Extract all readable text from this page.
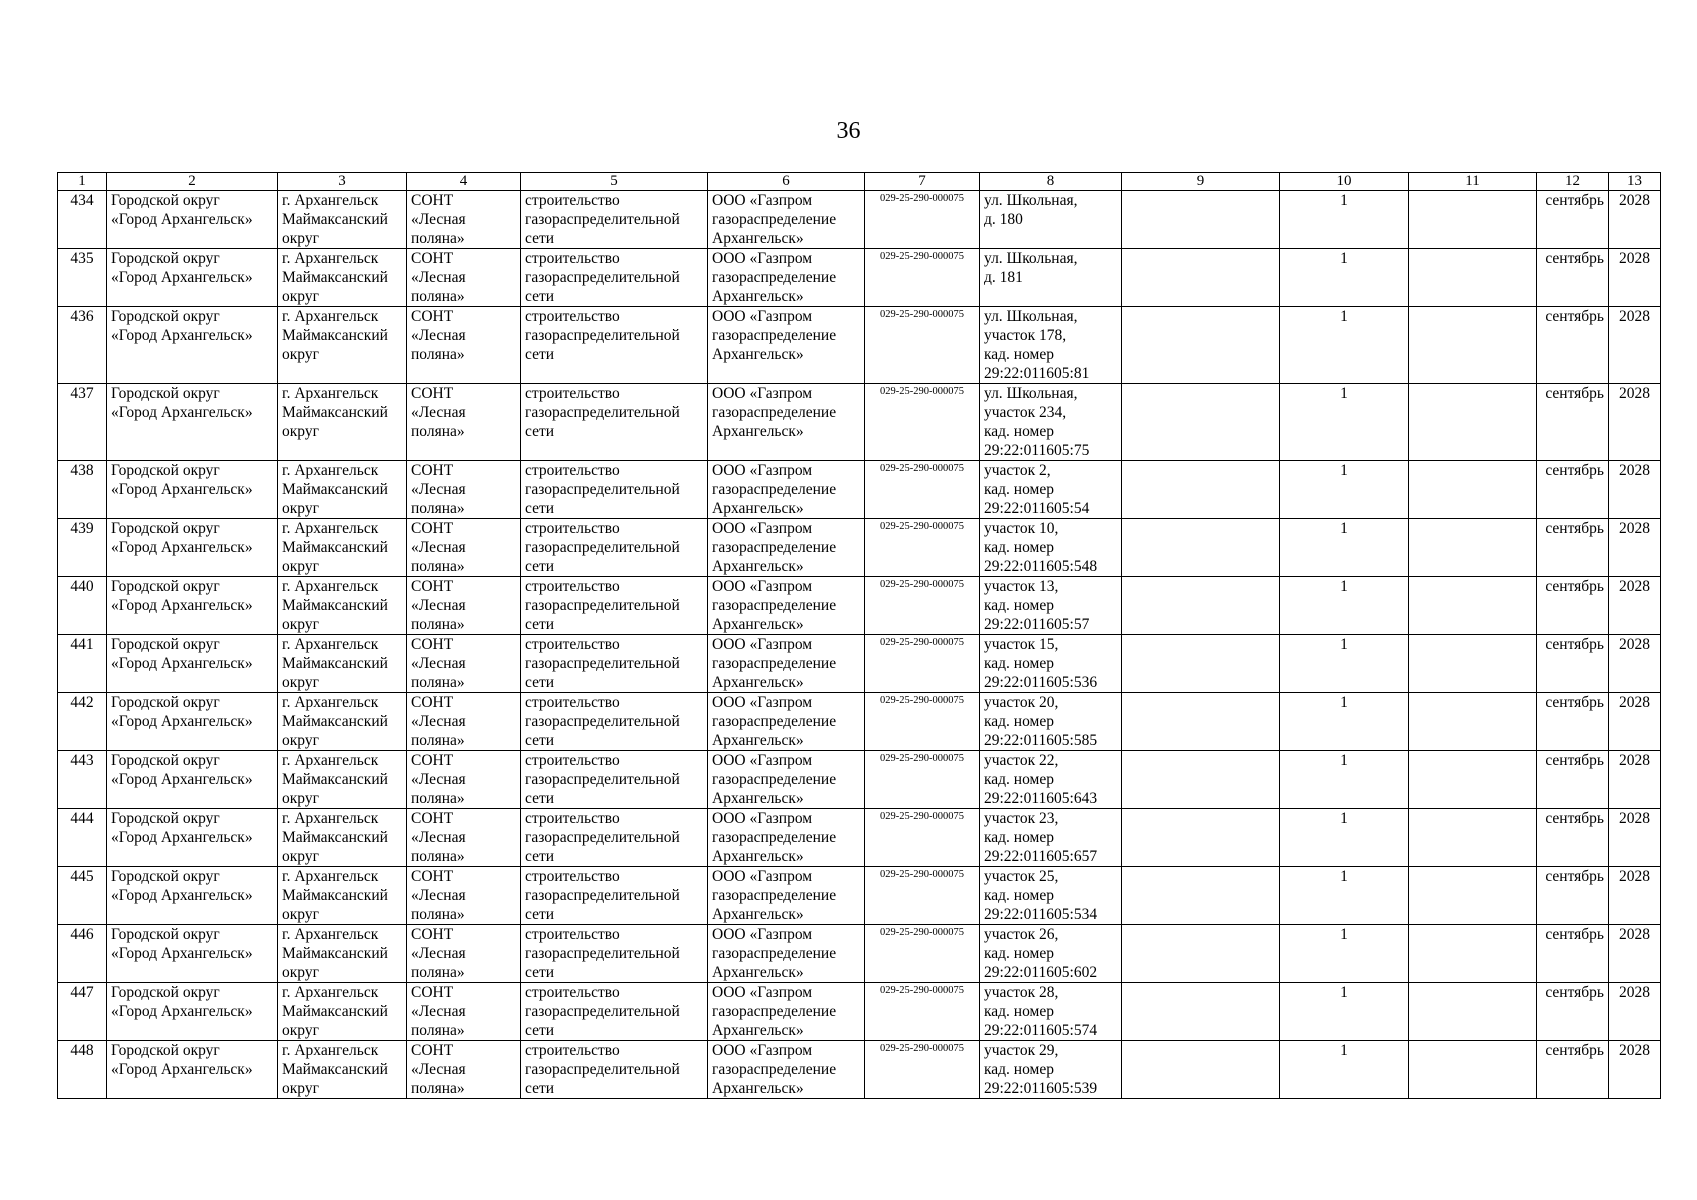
36
1	2	3	4	5	6	7	8	9	10	11	12	13
434	Городской округ
«Город Архангельск»	г. Архангельск
Маймаксанский
округ	СОНТ
«Лесная
поляна»	строительство
газораспределительной
сети	ООО «Газпром
газораспределение
Архангельск»	029-25-290-000075	ул. Школьная,
д. 180		1		сентябрь	2028
435	Городской округ
«Город Архангельск»	г. Архангельск
Маймаксанский
округ	СОНТ
«Лесная
поляна»	строительство
газораспределительной
сети	ООО «Газпром
газораспределение
Архангельск»	029-25-290-000075	ул. Школьная,
д. 181		1		сентябрь	2028
436	Городской округ
«Город Архангельск»	г. Архангельск
Маймаксанский
округ	СОНТ
«Лесная
поляна»	строительство
газораспределительной
сети	ООО «Газпром
газораспределение
Архангельск»	029-25-290-000075	ул. Школьная,
участок 178,
кад. номер
29:22:011605:81		1		сентябрь	2028
437	Городской округ
«Город Архангельск»	г. Архангельск
Маймаксанский
округ	СОНТ
«Лесная
поляна»	строительство
газораспределительной
сети	ООО «Газпром
газораспределение
Архангельск»	029-25-290-000075	ул. Школьная,
участок 234,
кад. номер
29:22:011605:75		1		сентябрь	2028
438	Городской округ
«Город Архангельск»	г. Архангельск
Маймаксанский
округ	СОНТ
«Лесная
поляна»	строительство
газораспределительной
сети	ООО «Газпром
газораспределение
Архангельск»	029-25-290-000075	участок 2,
кад. номер
29:22:011605:54		1		сентябрь	2028
439	Городской округ
«Город Архангельск»	г. Архангельск
Маймаксанский
округ	СОНТ
«Лесная
поляна»	строительство
газораспределительной
сети	ООО «Газпром
газораспределение
Архангельск»	029-25-290-000075	участок 10,
кад. номер
29:22:011605:548		1		сентябрь	2028
440	Городской округ
«Город Архангельск»	г. Архангельск
Маймаксанский
округ	СОНТ
«Лесная
поляна»	строительство
газораспределительной
сети	ООО «Газпром
газораспределение
Архангельск»	029-25-290-000075	участок 13,
кад. номер
29:22:011605:57		1		сентябрь	2028
441	Городской округ
«Город Архангельск»	г. Архангельск
Маймаксанский
округ	СОНТ
«Лесная
поляна»	строительство
газораспределительной
сети	ООО «Газпром
газораспределение
Архангельск»	029-25-290-000075	участок 15,
кад. номер
29:22:011605:536		1		сентябрь	2028
442	Городской округ
«Город Архангельск»	г. Архангельск
Маймаксанский
округ	СОНТ
«Лесная
поляна»	строительство
газораспределительной
сети	ООО «Газпром
газораспределение
Архангельск»	029-25-290-000075	участок 20,
кад. номер
29:22:011605:585		1		сентябрь	2028
443	Городской округ
«Город Архангельск»	г. Архангельск
Маймаксанский
округ	СОНТ
«Лесная
поляна»	строительство
газораспределительной
сети	ООО «Газпром
газораспределение
Архангельск»	029-25-290-000075	участок 22,
кад. номер
29:22:011605:643		1		сентябрь	2028
444	Городской округ
«Город Архангельск»	г. Архангельск
Маймаксанский
округ	СОНТ
«Лесная
поляна»	строительство
газораспределительной
сети	ООО «Газпром
газораспределение
Архангельск»	029-25-290-000075	участок 23,
кад. номер
29:22:011605:657		1		сентябрь	2028
445	Городской округ
«Город Архангельск»	г. Архангельск
Маймаксанский
округ	СОНТ
«Лесная
поляна»	строительство
газораспределительной
сети	ООО «Газпром
газораспределение
Архангельск»	029-25-290-000075	участок 25,
кад. номер
29:22:011605:534		1		сентябрь	2028
446	Городской округ
«Город Архангельск»	г. Архангельск
Маймаксанский
округ	СОНТ
«Лесная
поляна»	строительство
газораспределительной
сети	ООО «Газпром
газораспределение
Архангельск»	029-25-290-000075	участок 26,
кад. номер
29:22:011605:602		1		сентябрь	2028
447	Городской округ
«Город Архангельск»	г. Архангельск
Маймаксанский
округ	СОНТ
«Лесная
поляна»	строительство
газораспределительной
сети	ООО «Газпром
газораспределение
Архангельск»	029-25-290-000075	участок 28,
кад. номер
29:22:011605:574		1		сентябрь	2028
448	Городской округ
«Город Архангельск»	г. Архангельск
Маймаксанский
округ	СОНТ
«Лесная
поляна»	строительство
газораспределительной
сети	ООО «Газпром
газораспределение
Архангельск»	029-25-290-000075	участок 29,
кад. номер
29:22:011605:539		1		сентябрь	2028
